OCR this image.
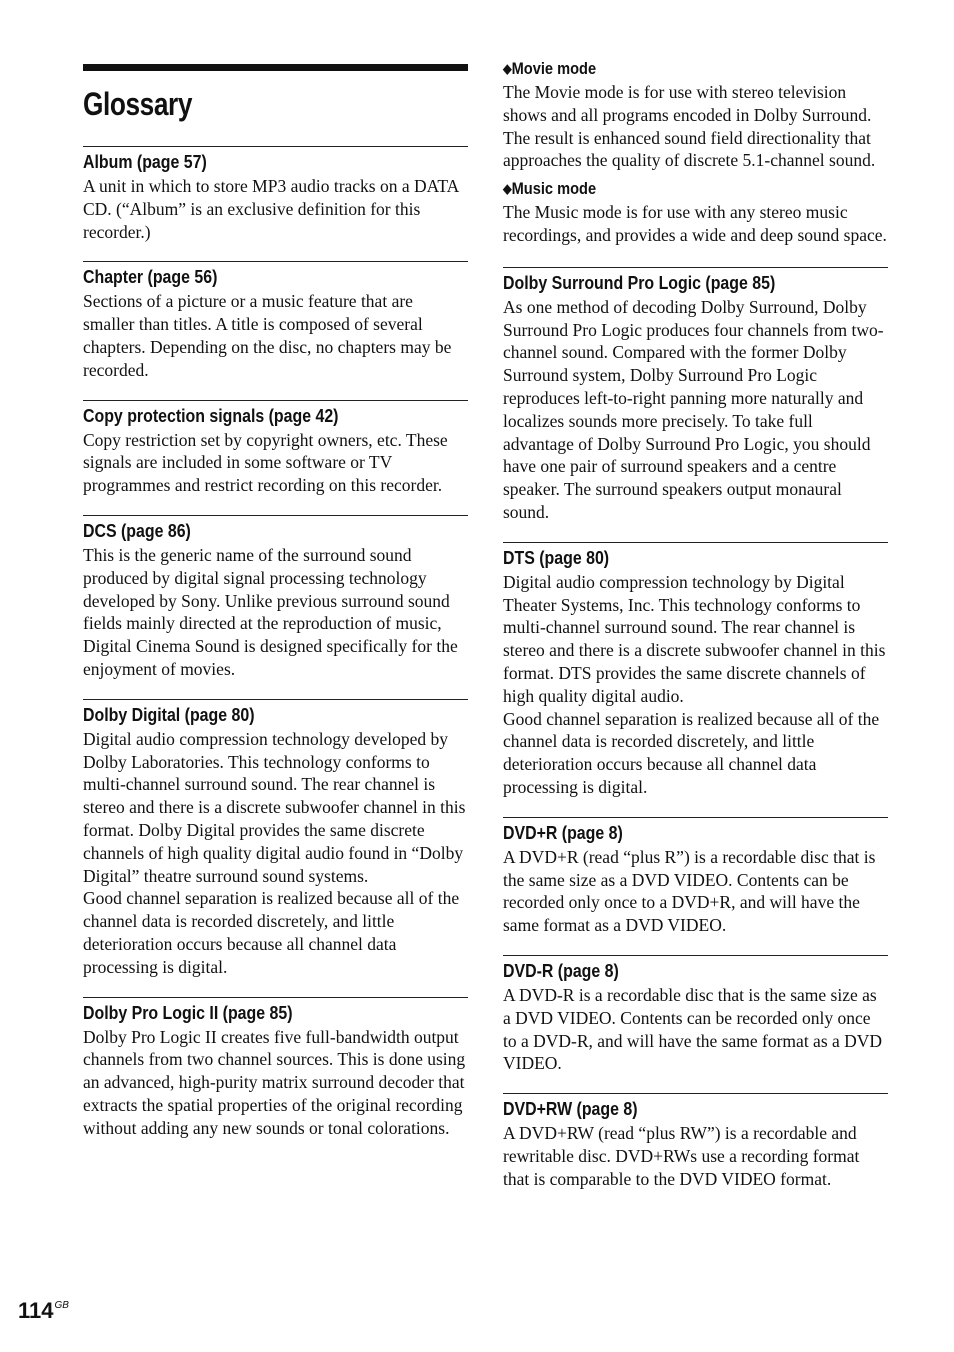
Glossary
Album (page 57)

A unit in which to store MP3 audio tracks on a DATA CD. (“Album” is an exclusive definition for this recorder.)

Chapter (page 56)

Sections of a picture or a music feature that are smaller than titles. A title is composed of several chapters. Depending on the disc, no chapters may be recorded.

Copy protection signals (page 42)

Copy restriction set by copyright owners, etc. These signals are included in some software or TV programmes and restrict recording on this recorder.

DCS (page 86)

This is the generic name of the surround sound produced by digital signal processing technology developed by Sony. Unlike previous surround sound fields mainly directed at the reproduction of music, Digital Cinema Sound is designed specifically for the enjoyment of movies.

Dolby Digital (page 80)

Digital audio compression technology developed by Dolby Laboratories. This technology conforms to multi-channel surround sound. The rear channel is stereo and there is a discrete subwoofer channel in this format. Dolby Digital provides the same discrete channels of high quality digital audio found in “Dolby Digital” theatre surround sound systems.

Good channel separation is realized because all of the channel data is recorded discretely, and little deterioration occurs because all channel data processing is digital.

Dolby Pro Logic II (page 85)

Dolby Pro Logic II creates five full-bandwidth output channels from two channel sources. This is done using an advanced, high-purity matrix surround decoder that extracts the spatial properties of the original recording without adding any new sounds or tonal colorations.

◆Movie mode

The Movie mode is for use with stereo television shows and all programs encoded in Dolby Surround. The result is enhanced sound field directionality that approaches the quality of discrete 5.1-channel sound.

◆Music mode

The Music mode is for use with any stereo music recordings, and provides a wide and deep sound space.

Dolby Surround Pro Logic (page 85)

As one method of decoding Dolby Surround, Dolby Surround Pro Logic produces four channels from two-channel sound. Compared with the former Dolby Surround system, Dolby Surround Pro Logic reproduces left-to-right panning more naturally and localizes sounds more precisely. To take full advantage of Dolby Surround Pro Logic, you should have one pair of surround speakers and a centre speaker. The surround speakers output monaural sound.

DTS (page 80)

Digital audio compression technology by Digital Theater Systems, Inc. This technology conforms to multi-channel surround sound. The rear channel is stereo and there is a discrete subwoofer channel in this format. DTS provides the same discrete channels of high quality digital audio.

Good channel separation is realized because all of the channel data is recorded discretely, and little deterioration occurs because all channel data processing is digital.

DVD+R (page 8)

A DVD+R (read “plus R”) is a recordable disc that is the same size as a DVD VIDEO. Contents can be recorded only once to a DVD+R, and will have the same format as a DVD VIDEO.

DVD-R (page 8)

A DVD-R is a recordable disc that is the same size as a DVD VIDEO. Contents can be recorded only once to a DVD-R, and will have the same format as a DVD VIDEO.

DVD+RW (page 8)

A DVD+RW (read “plus RW”) is a recordable and rewritable disc. DVD+RWs use a recording format that is comparable to the DVD VIDEO format.

$114^{GB}$
